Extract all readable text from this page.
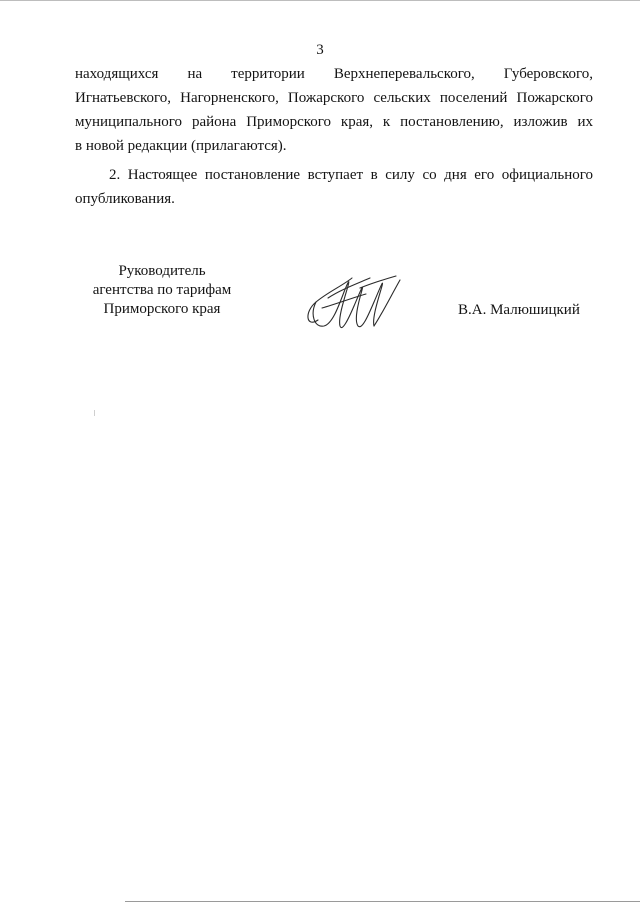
3
находящихся на территории Верхнеперевальского, Губеровского,
Игнатьевского, Нагорненского, Пожарского сельских поселений Пожарского
муниципального района Приморского края, к постановлению, изложив их
в новой редакции (прилагаются).
2. Настоящее постановление вступает в силу со дня его официального опубликования.
Руководитель
агентства по тарифам
Приморского края	В.А. Малюшицкий
